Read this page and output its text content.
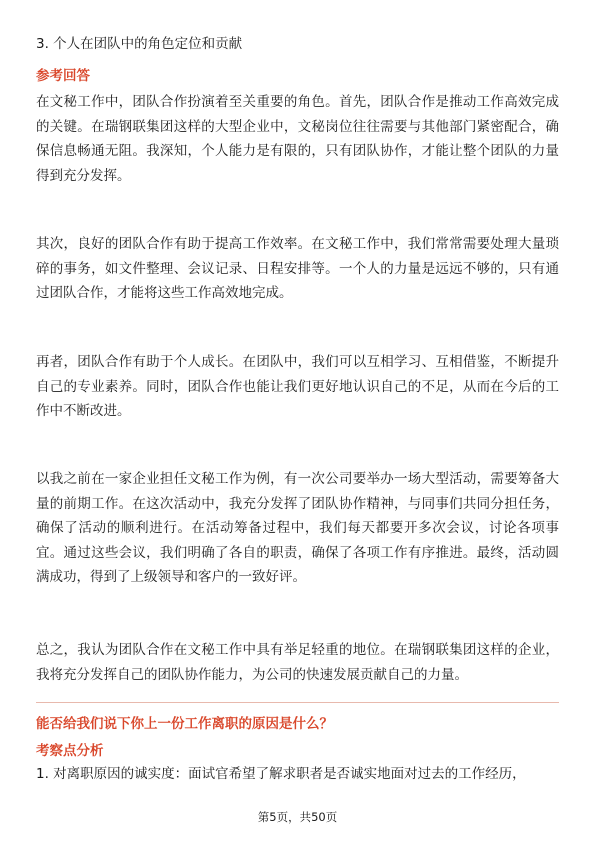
3. 个人在团队中的角色定位和贡献
参考回答
在文秘工作中，团队合作扮演着至关重要的角色。首先，团队合作是推动工作高效完成的关键。在瑞钢联集团这样的大型企业中，文秘岗位往往需要与其他部门紧密配合，确保信息畅通无阻。我深知，个人能力是有限的，只有团队协作，才能让整个团队的力量得到充分发挥。
其次，良好的团队合作有助于提高工作效率。在文秘工作中，我们常常需要处理大量琐碎的事务，如文件整理、会议记录、日程安排等。一个人的力量是远远不够的，只有通过团队合作，才能将这些工作高效地完成。
再者，团队合作有助于个人成长。在团队中，我们可以互相学习、互相借鉴，不断提升自己的专业素养。同时，团队合作也能让我们更好地认识自己的不足，从而在今后的工作中不断改进。
以我之前在一家企业担任文秘工作为例，有一次公司要举办一场大型活动，需要筹备大量的前期工作。在这次活动中，我充分发挥了团队协作精神，与同事们共同分担任务，确保了活动的顺利进行。在活动筹备过程中，我们每天都要开多次会议，讨论各项事宜。通过这些会议，我们明确了各自的职责，确保了各项工作有序推进。最终，活动圆满成功，得到了上级领导和客户的一致好评。
总之，我认为团队合作在文秘工作中具有举足轻重的地位。在瑞钢联集团这样的企业，我将充分发挥自己的团队协作能力，为公司的快速发展贡献自己的力量。
能否给我们说下你上一份工作离职的原因是什么？
考察点分析
1. 对离职原因的诚实度：面试官希望了解求职者是否诚实地面对过去的工作经历，
第5页，共50页
